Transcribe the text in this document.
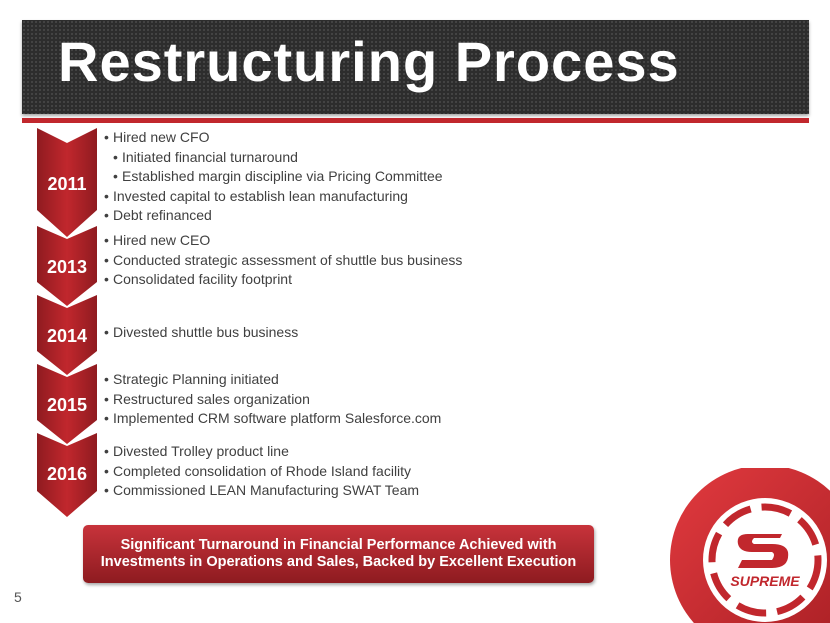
Restructuring Process
2011
• Hired new CFO
• Initiated financial turnaround
• Established margin discipline via Pricing Committee
• Invested capital to establish lean manufacturing
• Debt refinanced
2013
• Hired new CEO
• Conducted strategic assessment of shuttle bus business
• Consolidated facility footprint
2014
•	Divested shuttle bus business
2015
• Strategic Planning initiated
• Restructured sales organization
• Implemented CRM software platform Salesforce.com
2016
• Divested Trolley product line
• Completed consolidation of Rhode Island facility
• Commissioned LEAN Manufacturing SWAT Team
Significant Turnaround in Financial Performance Achieved with
Investments in Operations and Sales, Backed by Excellent Execution
5
SUPREME
